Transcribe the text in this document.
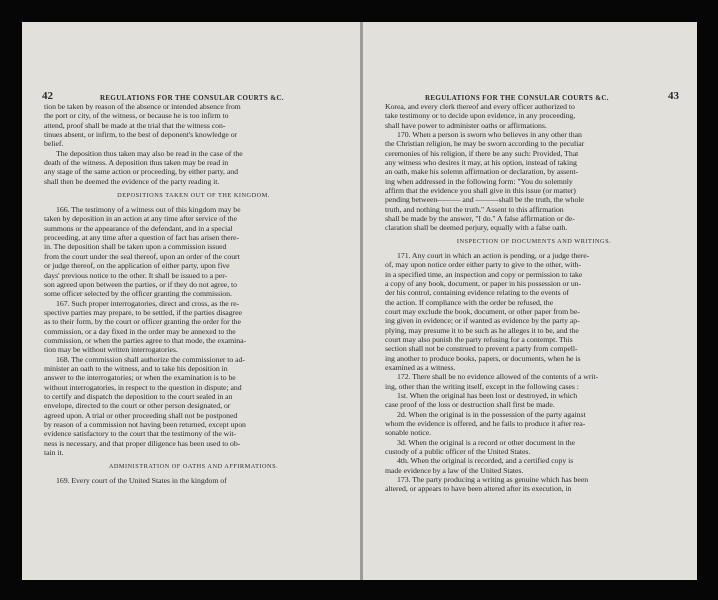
42	REGULATIONS FOR THE CONSULAR COURTS &C.
tion be taken by reason of the absence or intended absence from
the port or city, of the witness, or because he is too infirm to
attend, proof shall be made at the trial that the witness con-
tinues absent, or infirm, to the best of deponent's knowledge or
belief.
The deposition thus taken may also be read in the case of the
death of the witness. A deposition thus taken may be read in
any stage of the same action or proceeding, by either party, and
shall then be deemed the evidence of the party reading it.
DEPOSITIONS TAKEN OUT OF THE KINGDOM.
166. The testimony of a witness out of this kingdom may be
taken by deposition in an action at any time after service of the
summons or the appearance of the defendant, and in a special
proceeding, at any time after a question of fact has arisen there-
in. The deposition shall be taken upon a commission issued
from the court under the seal thereof, upon an order of the court
or judge thereof, on the application of either party, upon five
days' previous notice to the other. It shall be issued to a per-
son agreed upon between the parties, or if they do not agree, to
some officer selected by the officer granting the commission.
167. Such proper interrogatories, direct and cross, as the re-
spective parties may prepare, to be settled, if the parties disagree
as to their form, by the court or officer granting the order for the
commission, or a day fixed in the order may be annexed to the
commission, or when the parties agree to that mode, the examina-
tion may be without written interrogatories.
168. The commission shall authorize the commissioner to ad-
minister an oath to the witness, and to take his deposition in
answer to the interrogatories; or when the examination is to be
without interrogatories, in respect to the question in dispute; and
to certify and dispatch the deposition to the court sealed in an
envelope, directed to the court or other person designated, or
agreed upon. A trial or other proceeding shall not be postponed
by reason of a commission not having been returned, except upon
evidence satisfactory to the court that the testimony of the wit-
ness is necessary, and that proper diligence has been used to ob-
tain it.
ADMINISTRATION OF OATHS AND AFFIRMATIONS.
169. Every court of the United States in the kingdom of
REGULATIONS FOR THE CONSULAR COURTS &C.	43
Korea, and every clerk thereof and every officer authorized to
take testimony or to decide upon evidence, in any proceeding,
shall have power to administer oaths or affirmations.
170. When a person is sworn who believes in any other than
the Christian religion, he may be sworn according to the peculiar
ceremonies of his religion, if there be any such: Provided, That
any witness who desires it may, at his option, instead of taking
an oath, make his solemn affirmation or declaration, by assent-
ing when addressed in the following form: "You do solemnly
affirm that the evidence you shall give in this issue (or matter)
pending between——— and ———shall be the truth, the whole
truth, and nothing but the truth." Assent to this affirmation
shall be made by the answer, "I do." A false affirmation or de-
claration shall be deemed perjury, equally with a false oath.
INSPECTION OF DOCUMENTS AND WRITINGS.
171. Any court in which an action is pending, or a judge there-
of, may upon notice order either party to give to the other, with-
in a specified time, an inspection and copy or permission to take
a copy of any book, document, or paper in his possession or un-
der his control, containing evidence relating to the events of
the action. If compliance with the order be refused, the
court may exclude the book, document, or other paper from be-
ing given in evidence; or if wanted as evidence by the party ap-
plying, may presume it to be such as he alleges it to be, and the
court may also punish the party refusing for a contempt. This
section shall not be construed to prevent a party from compell-
ing another to produce books, papers, or documents, when he is
examined as a witness.
172. There shall be no evidence allowed of the contents of a writ-
ing, other than the writing itself, except in the following cases :
1st. When the original has been lost or destroyed, in which
case proof of the loss or destruction shall first be made.
2d. When the original is in the possession of the party against
whom the evidence is offered, and he fails to produce it after rea-
sonable notice.
3d. When the original is a record or other document in the
custody of a public officer of the United States.
4th. When the original is recorded, and a certified copy is
made evidence by a law of the United States.
173. The party producing a writing as genuine which has been
altered, or appears to have been altered after its execution, in
